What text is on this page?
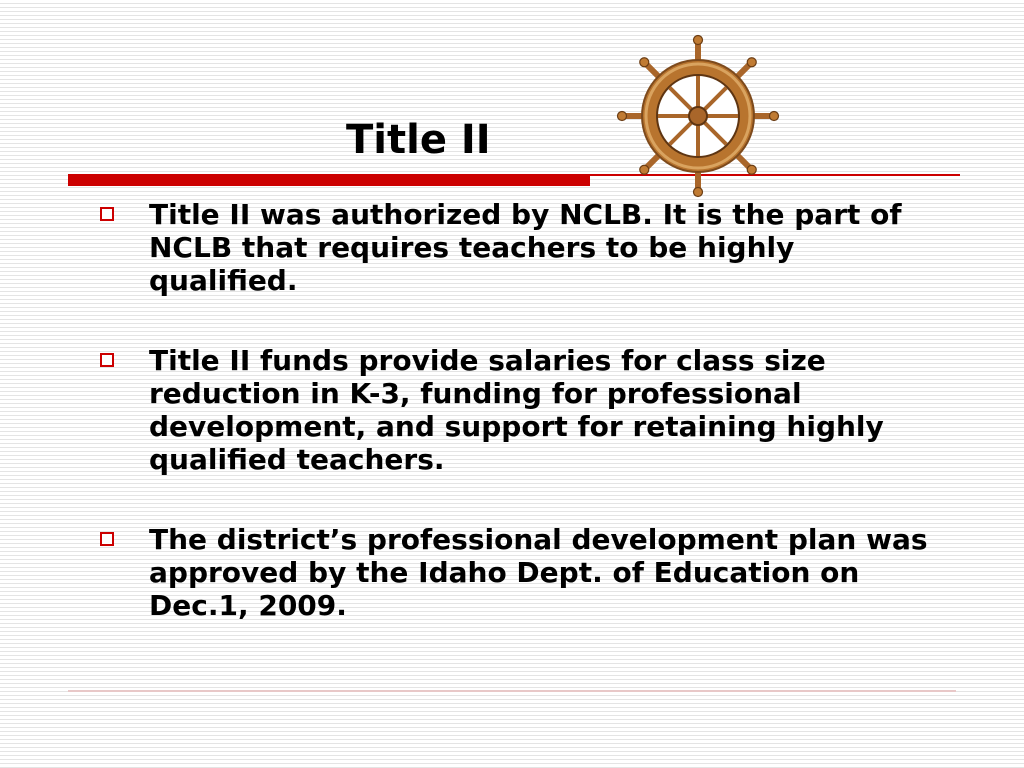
Title II
Title II was authorized by NCLB. It is the part of NCLB that requires teachers to be highly qualified.
Title II funds provide salaries for class size reduction in K-3, funding for professional development, and support for retaining highly qualified teachers.
The district’s professional development plan was approved by the Idaho Dept. of Education on Dec.1, 2009.
